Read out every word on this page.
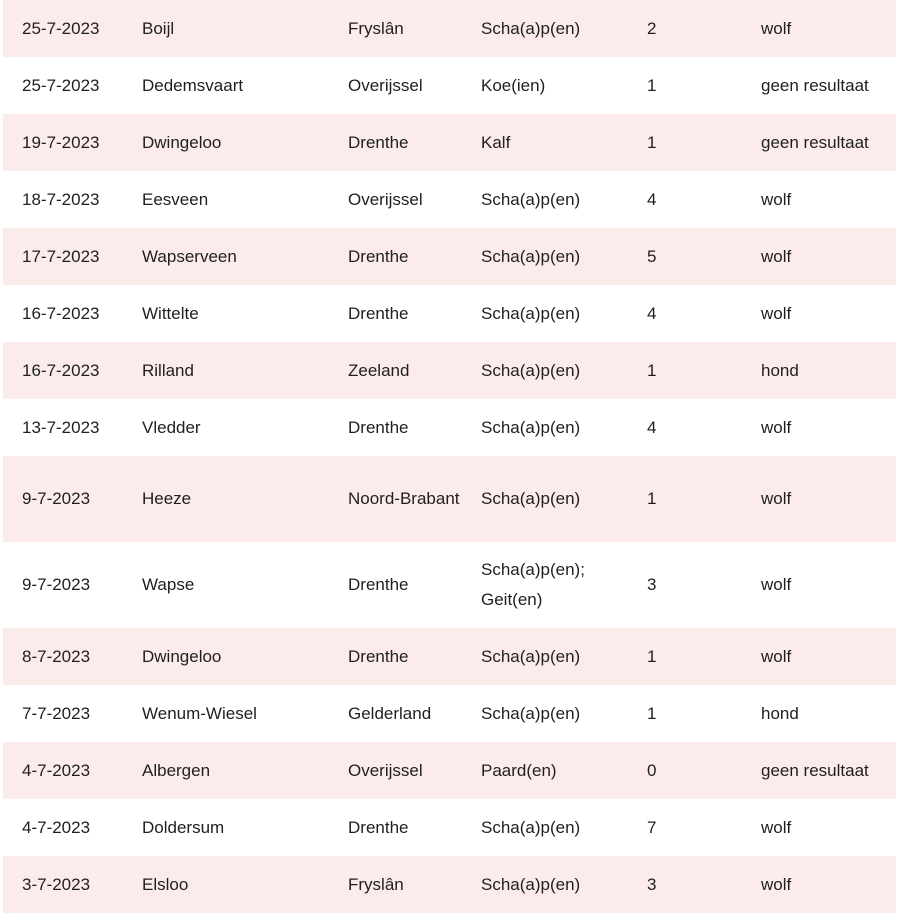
25-7-2023	Boijl	Fryslân	Scha(a)p(en)	2	wolf
25-7-2023	Dedemsvaart	Overijssel	Koe(ien)	1	geen resultaat
19-7-2023	Dwingeloo	Drenthe	Kalf	1	geen resultaat
18-7-2023	Eesveen	Overijssel	Scha(a)p(en)	4	wolf
17-7-2023	Wapserveen	Drenthe	Scha(a)p(en)	5	wolf
16-7-2023	Wittelte	Drenthe	Scha(a)p(en)	4	wolf
16-7-2023	Rilland	Zeeland	Scha(a)p(en)	1	hond
13-7-2023	Vledder	Drenthe	Scha(a)p(en)	4	wolf
9-7-2023	Heeze	Noord-Brabant	Scha(a)p(en)	1	wolf
9-7-2023	Wapse	Drenthe	Scha(a)p(en); Geit(en)	3	wolf
8-7-2023	Dwingeloo	Drenthe	Scha(a)p(en)	1	wolf
7-7-2023	Wenum-Wiesel	Gelderland	Scha(a)p(en)	1	hond
4-7-2023	Albergen	Overijssel	Paard(en)	0	geen resultaat
4-7-2023	Doldersum	Drenthe	Scha(a)p(en)	7	wolf
3-7-2023	Elsloo	Fryslân	Scha(a)p(en)	3	wolf
